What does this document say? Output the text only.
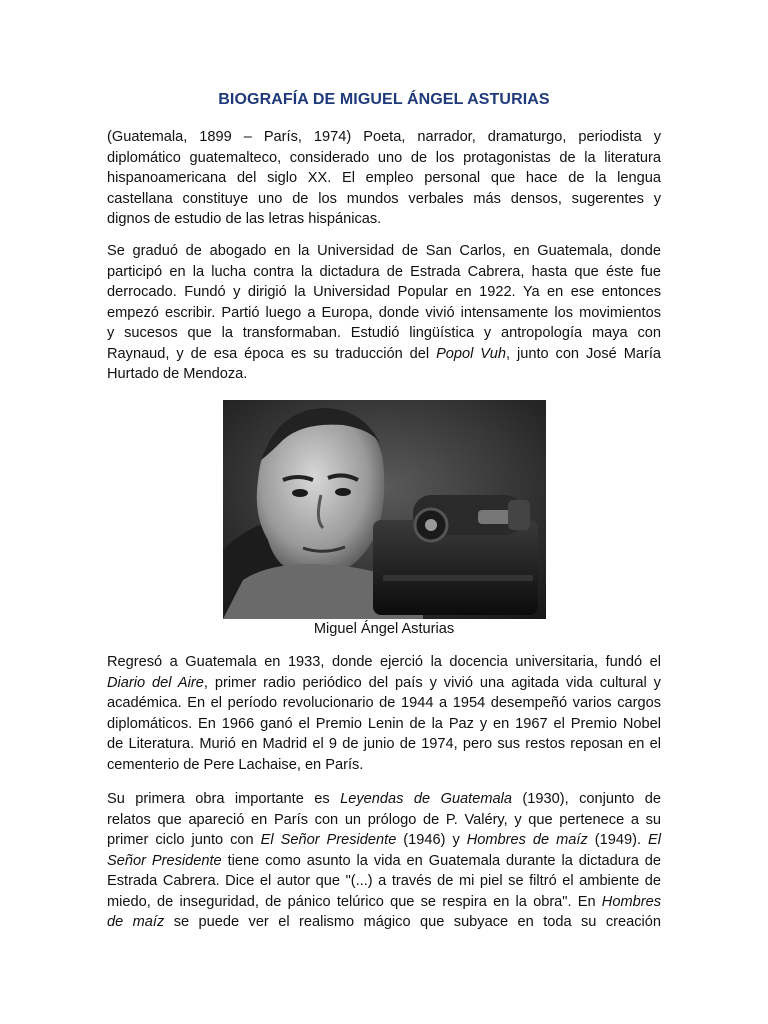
BIOGRAFÍA DE MIGUEL ÁNGEL ASTURIAS

(Guatemala, 1899 – París, 1974) Poeta, narrador, dramaturgo, periodista y
diplomático guatemalteco, considerado uno de los protagonistas de la literatura
hispanoamericana del siglo XX. El empleo personal que hace de la lengua
castellana constituye uno de los mundos verbales más densos, sugerentes y
dignos de estudio de las letras hispánicas.

Se graduó de abogado en la Universidad de San Carlos, en Guatemala, donde
participó en la lucha contra la dictadura de Estrada Cabrera, hasta que éste fue
derrocado. Fundó y dirigió la Universidad Popular en 1922. Ya en ese entonces
empezó escribir. Partió luego a Europa, donde vivió intensamente los movimientos
y sucesos que la transformaban. Estudió lingüística y antropología maya con
Raynaud, y de esa época es su traducción del Popol Vuh, junto con José María
Hurtado de Mendoza.

Regresó a Guatemala en 1933, donde ejerció la docencia universitaria, fundó el
Diario del Aire, primer radio periódico del país y vivió una agitada vida cultural y
académica. En el período revolucionario de 1944 a 1954 desempeñó varios cargos
diplomáticos. En 1966 ganó el Premio Lenin de la Paz y en 1967 el Premio Nobel
de Literatura. Murió en Madrid el 9 de junio de 1974, pero sus restos reposan en el
cementerio de Pere Lachaise, en París.

Su primera obra importante es Leyendas de Guatemala (1930), conjunto de
relatos que apareció en París con un prólogo de P. Valéry, y que pertenece a su
primer ciclo junto con El Señor Presidente (1946) y Hombres de maíz (1949). El
Señor Presidente tiene como asunto la vida en Guatemala durante la dictadura de
Estrada Cabrera. Dice el autor que "(...) a través de mi piel se filtró el ambiente de
miedo, de inseguridad, de pánico telúrico que se respira en la obra". En Hombres
de maíz se puede ver el realismo mágico que subyace en toda su creación

Miguel Ángel Asturias
